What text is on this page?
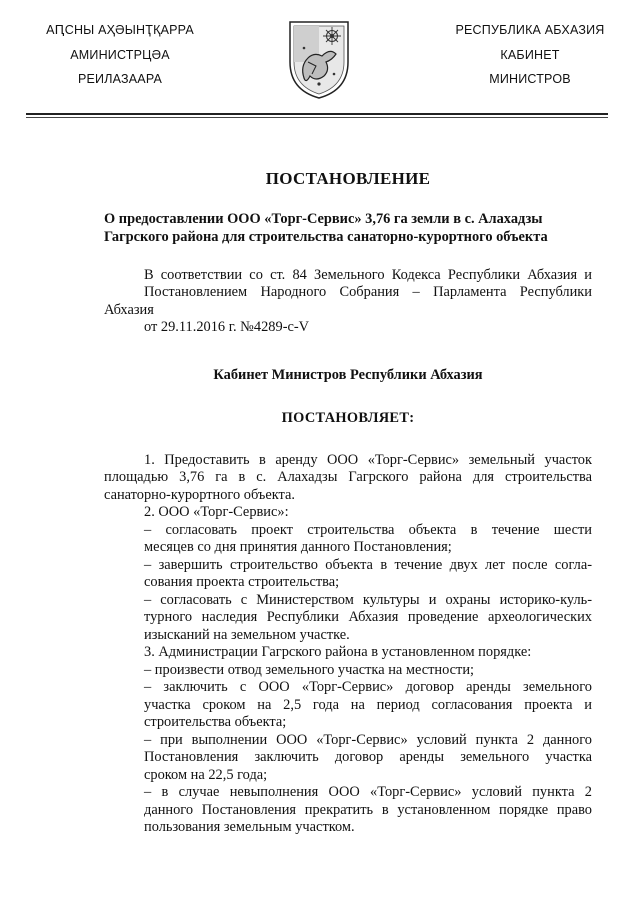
АԤСНЫ АҲӘЫНҬҚАРРА
АМИНИСТРЦӘА
РЕИЛАЗААРА
РЕСПУБЛИКА АБХАЗИЯ
КАБИНЕТ
МИНИСТРОВ
ПОСТАНОВЛЕНИЕ
О предоставлении ООО «Торг-Сервис» 3,76 га земли в с. Алахадзы
Гагрского района для строительства санаторно-курортного объекта
В соответствии со ст. 84 Земельного Кодекса Республики Абхазия и
Постановлением Народного Собрания – Парламента Республики Абхазия
от 29.11.2016 г. №4289-с-V
Кабинет Министров Республики Абхазия
ПОСТАНОВЛЯЕТ:
1. Предоставить в аренду ООО «Торг-Сервис» земельный участок
площадью 3,76 га в с. Алахадзы Гагрского района для строительства
санаторно-курортного объекта.
2. ООО «Торг-Сервис»:
– согласовать проект строительства объекта в течение шести
месяцев со дня принятия данного Постановления;
– завершить строительство объекта в течение двух лет после согла-
сования проекта строительства;
– согласовать с Министерством культуры и охраны историко-куль-
турного наследия Республики Абхазия проведение археологических
изысканий на земельном участке.
3. Администрации Гагрского района в установленном порядке:
– произвести отвод земельного участка на местности;
– заключить с ООО «Торг-Сервис» договор аренды земельного
участка сроком на 2,5 года на период согласования проекта и
строительства объекта;
– при выполнении ООО «Торг-Сервис» условий пункта 2 данного
Постановления заключить договор аренды земельного участка
сроком на 22,5 года;
– в случае невыполнения ООО «Торг-Сервис» условий пункта 2
данного Постановления прекратить в установленном порядке право
пользования земельным участком.
